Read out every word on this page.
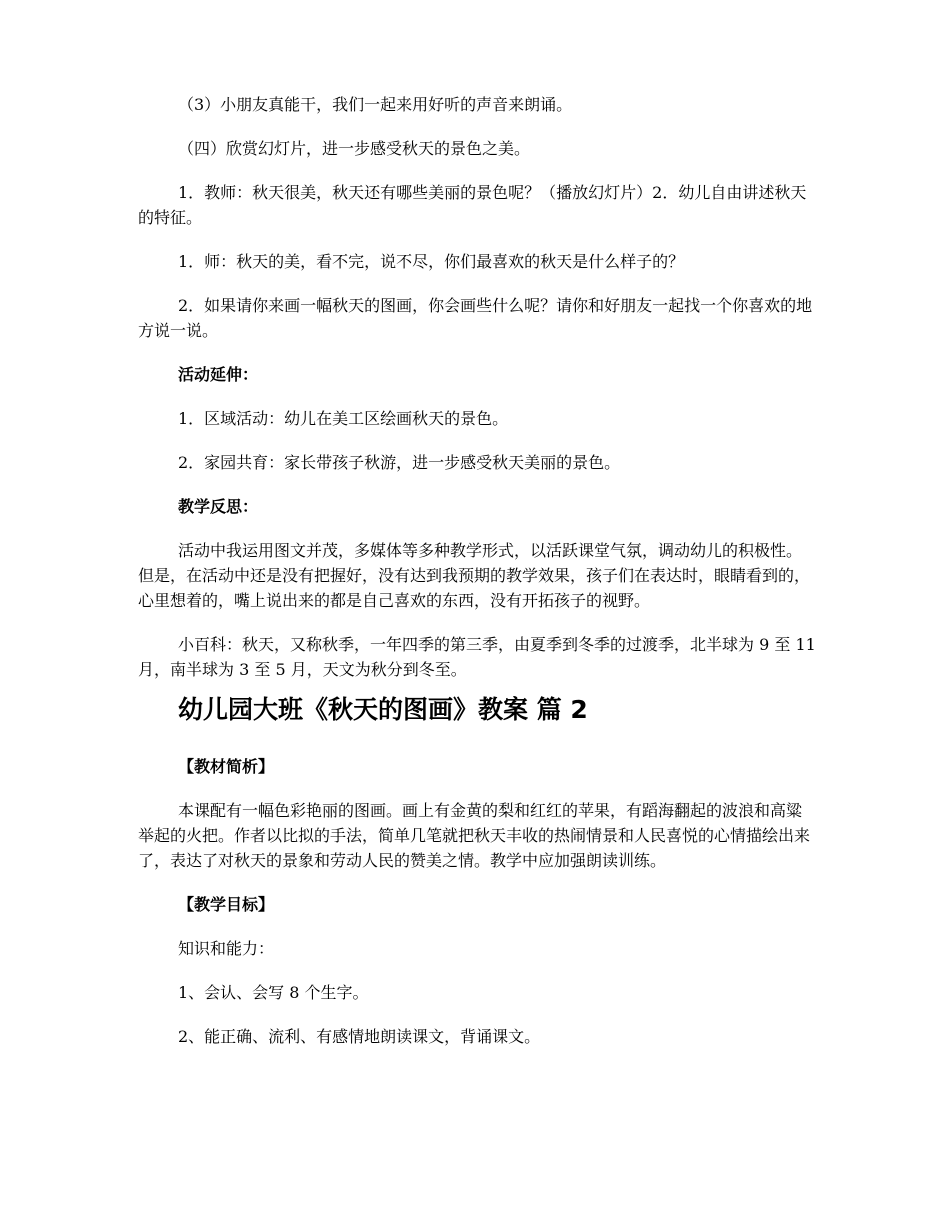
（3）小朋友真能干，我们一起来用好听的声音来朗诵。

（四）欣赏幻灯片，进一步感受秋天的景色之美。

1．教师：秋天很美，秋天还有哪些美丽的景色呢？（播放幻灯片）2．幼儿自由讲述秋天的特征。

1．师：秋天的美，看不完，说不尽，你们最喜欢的秋天是什么样子的？

2．如果请你来画一幅秋天的图画，你会画些什么呢？请你和好朋友一起找一个你喜欢的地方说一说。

活动延伸：

1．区域活动：幼儿在美工区绘画秋天的景色。

2．家园共育：家长带孩子秋游，进一步感受秋天美丽的景色。

教学反思：

活动中我运用图文并茂，多媒体等多种教学形式，以活跃课堂气氛，调动幼儿的积极性。但是，在活动中还是没有把握好，没有达到我预期的教学效果，孩子们在表达时，眼睛看到的，心里想着的，嘴上说出来的都是自己喜欢的东西，没有开拓孩子的视野。

小百科：秋天，又称秋季，一年四季的第三季，由夏季到冬季的过渡季，北半球为 9 至 11 月，南半球为 3 至 5 月，天文为秋分到冬至。

幼儿园大班《秋天的图画》教案 篇 2

【教材简析】

本课配有一幅色彩艳丽的图画。画上有金黄的梨和红红的苹果，有蹈海翻起的波浪和高粱举起的火把。作者以比拟的手法，简单几笔就把秋天丰收的热闹情景和人民喜悦的心情描绘出来了，表达了对秋天的景象和劳动人民的赞美之情。教学中应加强朗读训练。

【教学目标】

知识和能力：

1、会认、会写 8 个生字。

2、能正确、流利、有感情地朗读课文，背诵课文。
